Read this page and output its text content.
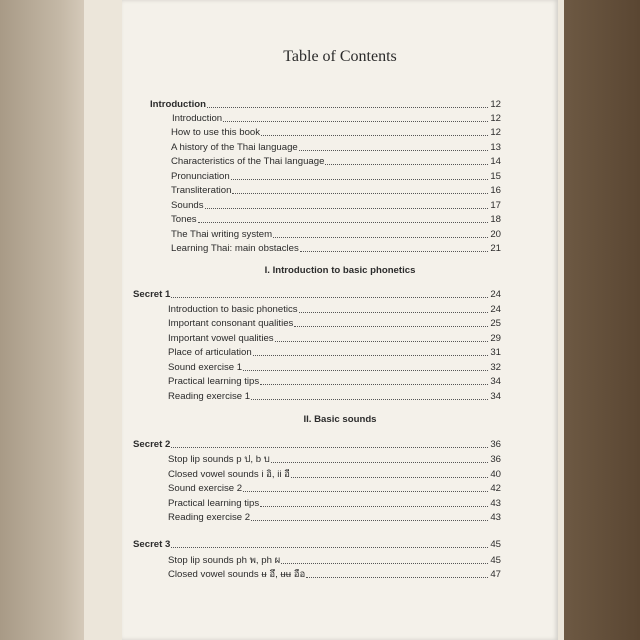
Table of Contents
Introduction	12
Introduction	12
How to use this book	12
A history of the Thai language	13
Characteristics of the Thai language	14
Pronunciation	15
Transliteration	16
Sounds	17
Tones	18
The Thai writing system	20
Learning Thai: main obstacles	21
I. Introduction to basic phonetics
Secret 1	24
Introduction to basic phonetics	24
Important consonant qualities	25
Important vowel qualities	29
Place of articulation	31
Sound exercise 1	32
Practical learning tips	34
Reading exercise 1	34
II. Basic sounds
Secret 2	36
Stop lip sounds p ป, b บ	36
Closed vowel sounds i อิ, ii อี	40
Sound exercise 2	42
Practical learning tips	43
Reading exercise 2	43
Secret 3	45
Stop lip sounds ph พ, ph ผ	45
Closed vowel sounds ʉ อึ, ʉʉ อือ	47
